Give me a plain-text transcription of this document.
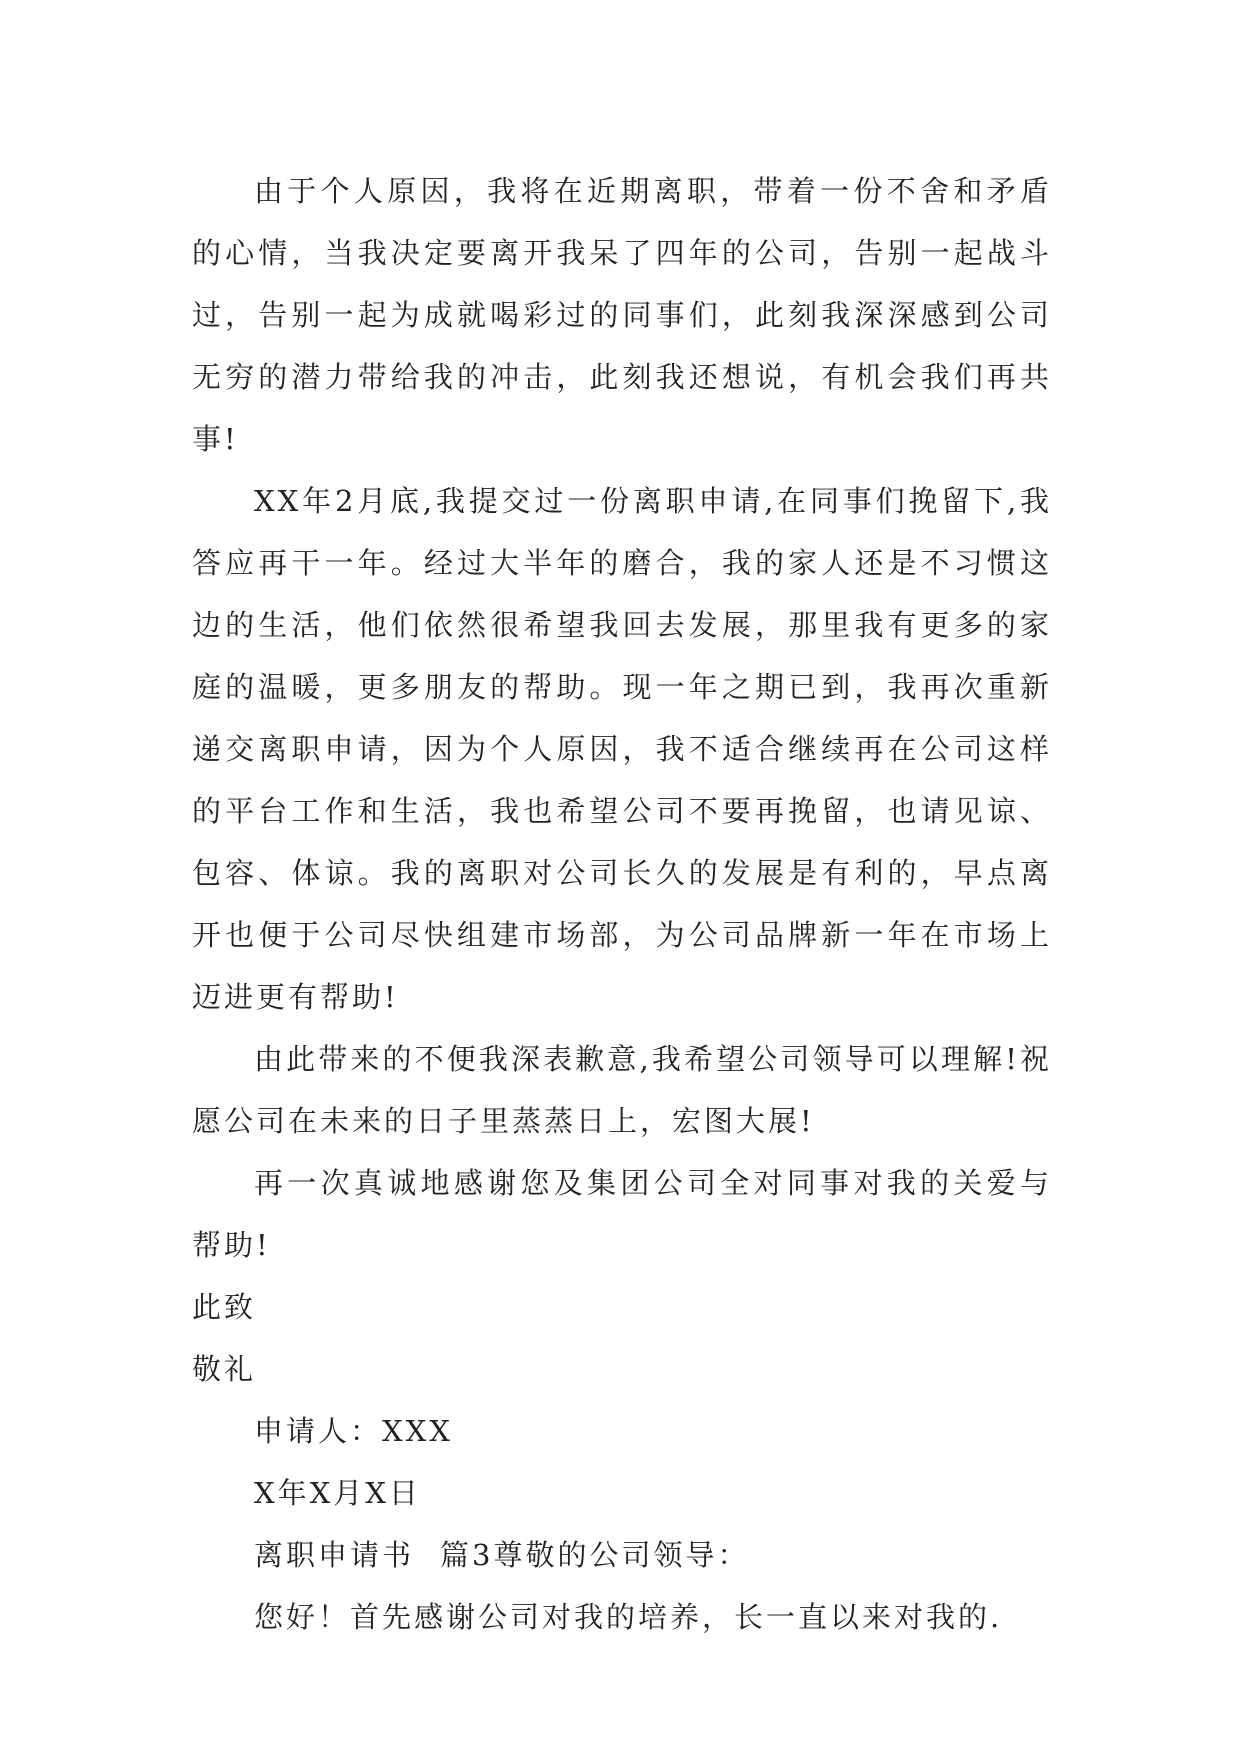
由于个人原因，我将在近期离职，带着一份不舍和矛盾的心情，当我决定要离开我呆了四年的公司，告别一起战斗过，告别一起为成就喝彩过的同事们，此刻我深深感到公司无穷的潜力带给我的冲击，此刻我还想说，有机会我们再共事!

XX年2月底,我提交过一份离职申请,在同事们挽留下,我答应再干一年。经过大半年的磨合，我的家人还是不习惯这边的生活，他们依然很希望我回去发展，那里我有更多的家庭的温暖，更多朋友的帮助。现一年之期已到，我再次重新递交离职申请，因为个人原因，我不适合继续再在公司这样的平台工作和生活，我也希望公司不要再挽留，也请见谅、包容、体谅。我的离职对公司长久的发展是有利的，早点离开也便于公司尽快组建市场部，为公司品牌新一年在市场上迈进更有帮助!

由此带来的不便我深表歉意,我希望公司领导可以理解!祝愿公司在未来的日子里蒸蒸日上，宏图大展!

再一次真诚地感谢您及集团公司全对同事对我的关爱与帮助!

此致

敬礼

申请人：XXX

X年X月X日

离职申请书 篇3尊敬的公司领导：

您好！首先感谢公司对我的培养，长一直以来对我的.
